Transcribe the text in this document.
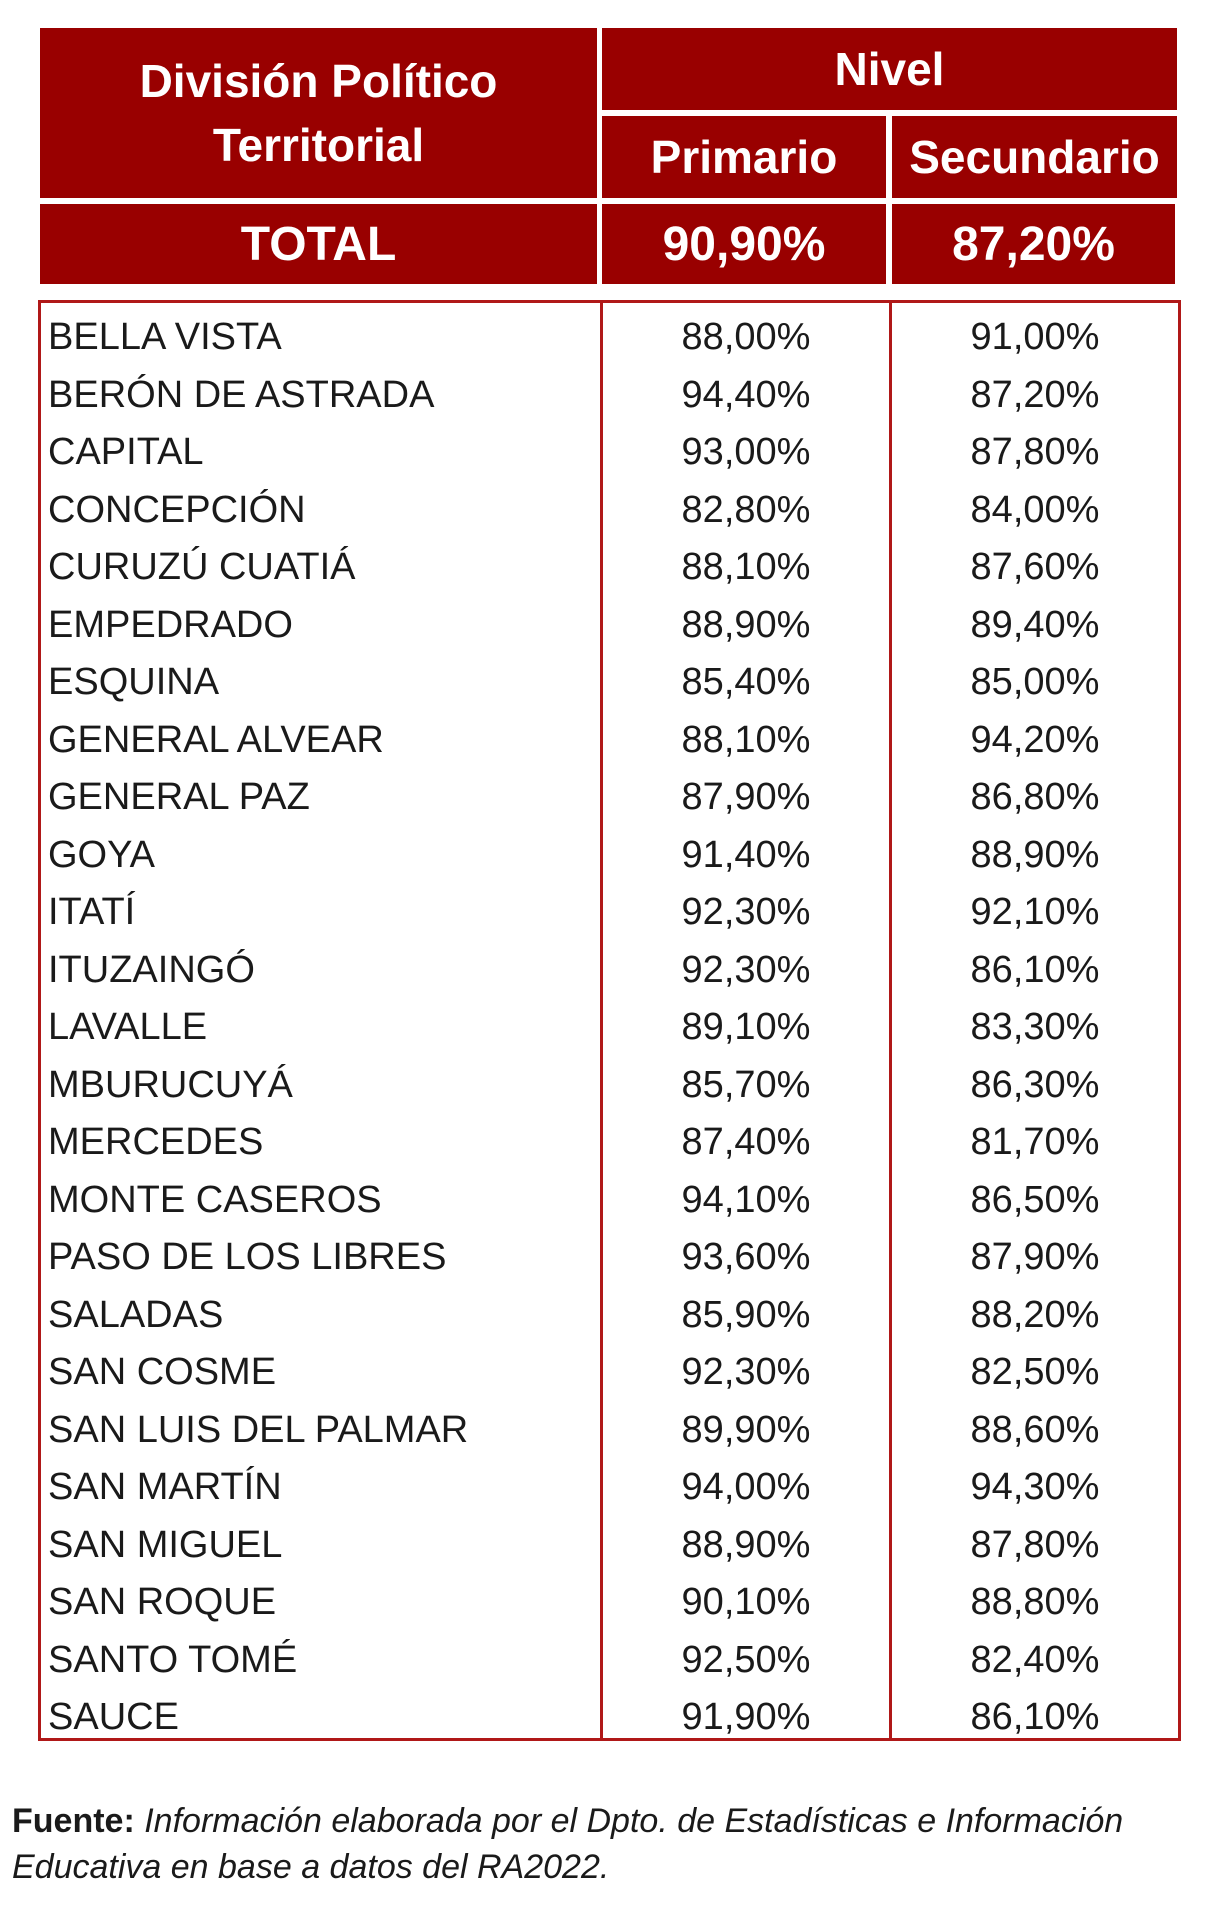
División Político
Territorial
Nivel
Primario	Secundario
TOTAL	90,90%	87,20%
BELLA VISTA	88,00%	91,00%
BERÓN DE ASTRADA	94,40%	87,20%
CAPITAL	93,00%	87,80%
CONCEPCIÓN	82,80%	84,00%
CURUZÚ CUATIÁ	88,10%	87,60%
EMPEDRADO	88,90%	89,40%
ESQUINA	85,40%	85,00%
GENERAL ALVEAR	88,10%	94,20%
GENERAL PAZ	87,90%	86,80%
GOYA	91,40%	88,90%
ITATÍ	92,30%	92,10%
ITUZAINGÓ	92,30%	86,10%
LAVALLE	89,10%	83,30%
MBURUCUYÁ	85,70%	86,30%
MERCEDES	87,40%	81,70%
MONTE CASEROS	94,10%	86,50%
PASO DE LOS LIBRES	93,60%	87,90%
SALADAS	85,90%	88,20%
SAN COSME	92,30%	82,50%
SAN LUIS DEL PALMAR	89,90%	88,60%
SAN MARTÍN	94,00%	94,30%
SAN MIGUEL	88,90%	87,80%
SAN ROQUE	90,10%	88,80%
SANTO TOMÉ	92,50%	82,40%
SAUCE	91,90%	86,10%
Fuente: Información elaborada por el Dpto. de Estadísticas e Información
Educativa en base a datos del RA2022.
